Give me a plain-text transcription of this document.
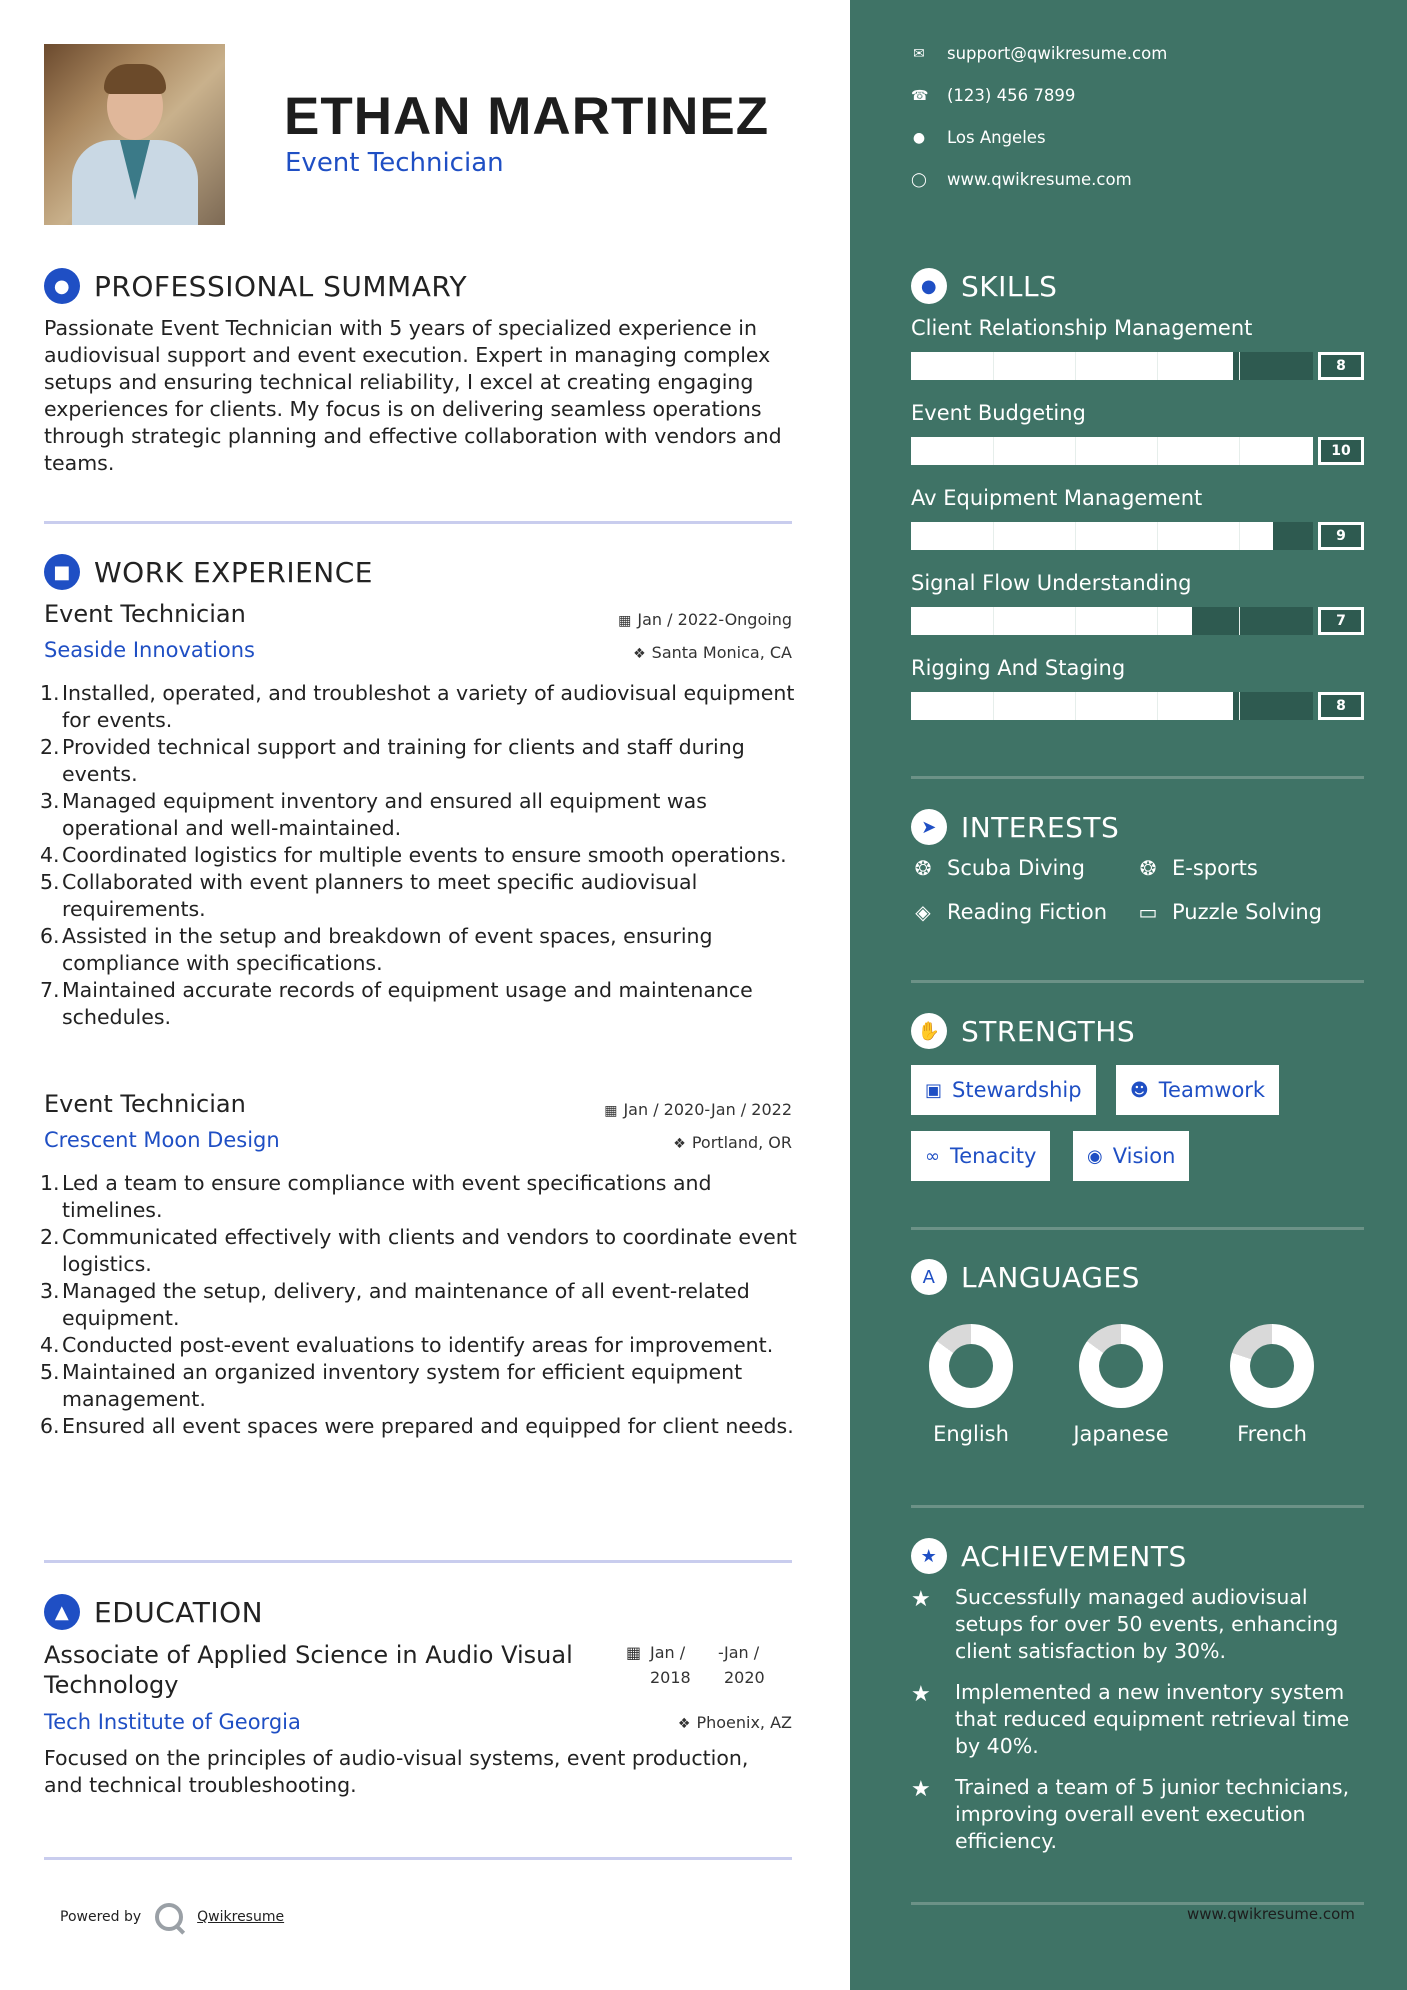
ETHAN MARTINEZ
Event Technician
● PROFESSIONAL SUMMARY
Passionate Event Technician with 5 years of specialized experience in audiovisual support and event execution. Expert in managing complex setups and ensuring technical reliability, I excel at creating engaging experiences for clients. My focus is on delivering seamless operations through strategic planning and effective collaboration with vendors and teams.
■ WORK EXPERIENCE
Event Technician
Seaside Innovations
▦ Jan / 2022-Ongoing
❖ Santa Monica, CA
1. Installed, operated, and troubleshot a variety of audiovisual equipment for events.
2. Provided technical support and training for clients and staff during events.
3. Managed equipment inventory and ensured all equipment was operational and well-maintained.
4. Coordinated logistics for multiple events to ensure smooth operations.
5. Collaborated with event planners to meet specific audiovisual requirements.
6. Assisted in the setup and breakdown of event spaces, ensuring compliance with specifications.
7. Maintained accurate records of equipment usage and maintenance schedules.
Event Technician
Crescent Moon Design
▦ Jan / 2020-Jan / 2022
❖ Portland, OR
1. Led a team to ensure compliance with event specifications and timelines.
2. Communicated effectively with clients and vendors to coordinate event logistics.
3. Managed the setup, delivery, and maintenance of all event-related equipment.
4. Conducted post-event evaluations to identify areas for improvement.
5. Maintained an organized inventory system for efficient equipment management.
6. Ensured all event spaces were prepared and equipped for client needs.
▲ EDUCATION
Associate of Applied Science in Audio Visual
Technology
▦ Jan /
2018
- Jan /
2020
Tech Institute of Georgia	❖ Phoenix, AZ
Focused on the principles of audio-visual systems, event production, and technical troubleshooting.
Powered by	Qwikresume
✉ support@qwikresume.com
☎ (123) 456 7899
● Los Angeles
◯ www.qwikresume.com
● SKILLS
Client Relationship Management
8
Event Budgeting
10
Av Equipment Management
9
Signal Flow Understanding
7
Rigging And Staging
8
➤ INTERESTS
❂ Scuba Diving	❂ E-sports
◈ Reading Fiction ▭ Puzzle Solving
✋ STRENGTHS
▣ Stewardship	☻ Teamwork
∞ Tenacity	◉ Vision
A LANGUAGES
English	Japanese	French
★ ACHIEVEMENTS
★	Successfully managed audiovisual setups for over 50 events, enhancing client satisfaction by 30%.
★	Implemented a new inventory system that reduced equipment retrieval time by 40%.
★	Trained a team of 5 junior technicians, improving overall event execution efficiency.
www.qwikresume.com
